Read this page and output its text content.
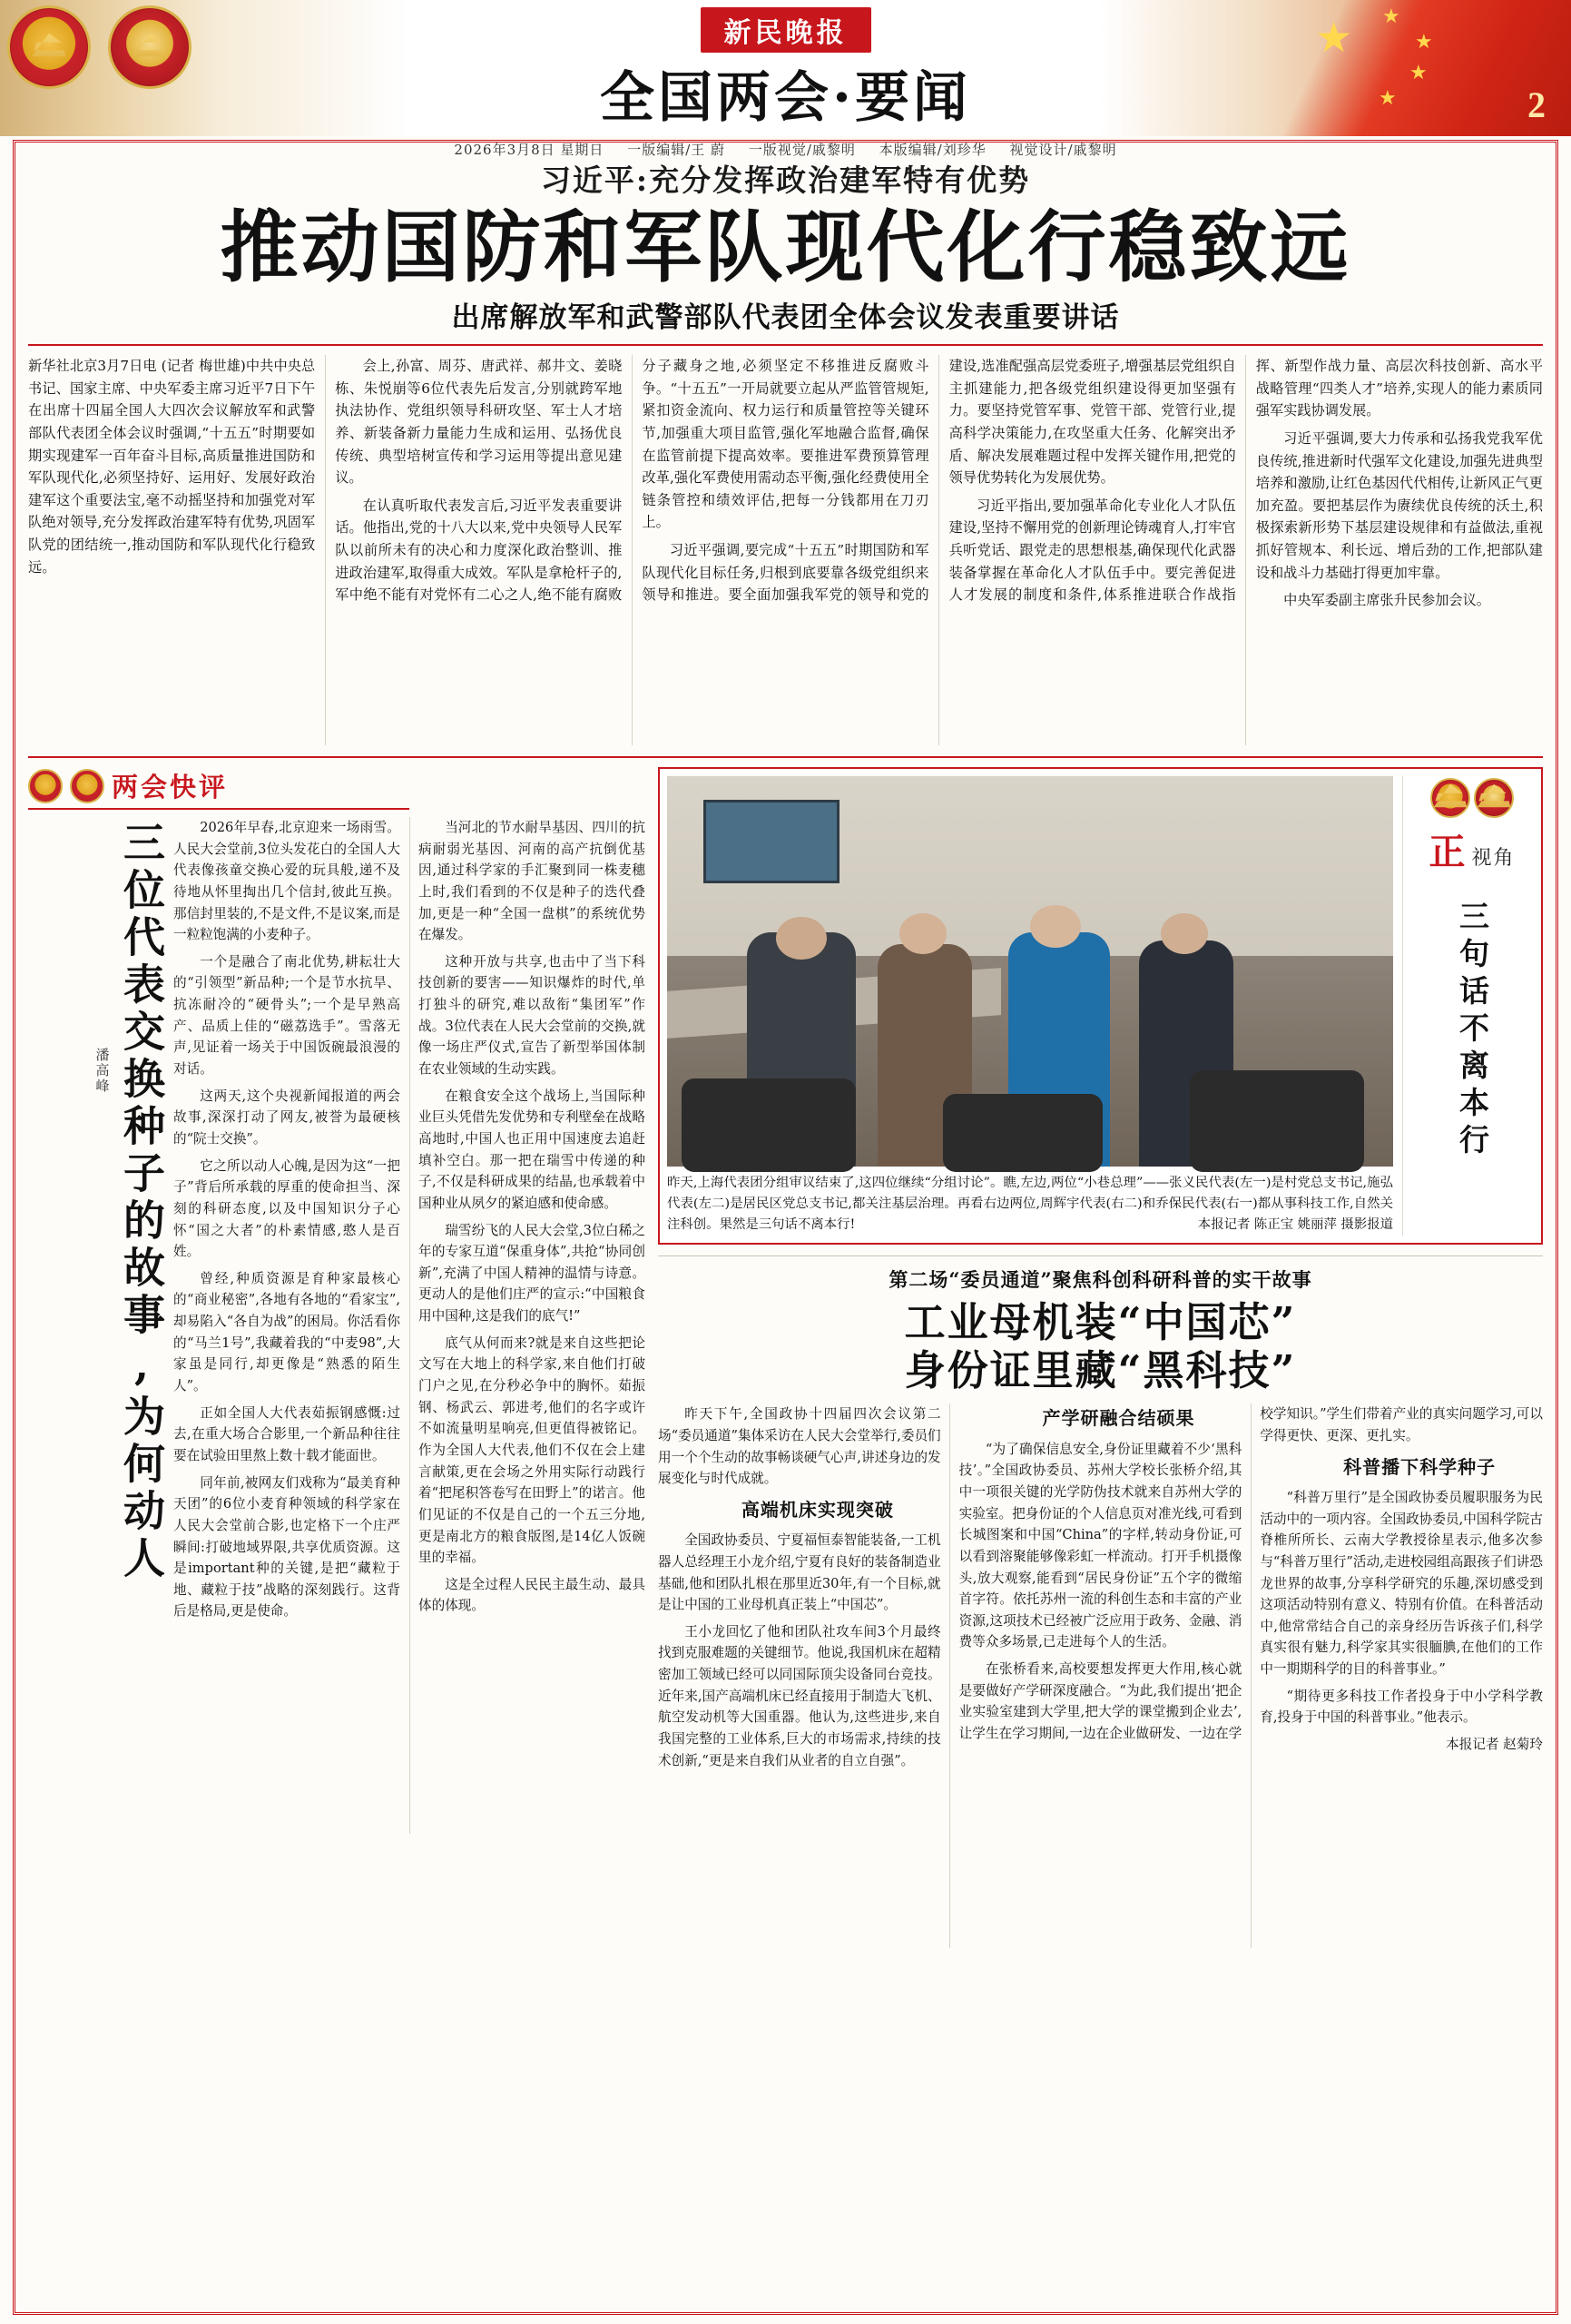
★ ★
★
★
★	2
新民晚报
全国两会·要闻
2026年3月8日 星期日 一版编辑/王 蔚 一版视觉/戚黎明 本版编辑/刘珍华 视觉设计/戚黎明
习近平:充分发挥政治建军特有优势
推动国防和军队现代化行稳致远
出席解放军和武警部队代表团全体会议发表重要讲话

新华社北京3月7日电 (记者 梅世雄)中共中央总书记、国家主席、中央军委主席习近平7日下午在出席十四届全国人大四次会议解放军和武警部队代表团全体会议时强调,“十五五”时期要如期实现建军一百年奋斗目标,高质量推进国防和军队现代化,必须坚持好、运用好、发展好政治建军这个重要法宝,毫不动摇坚持和加强党对军队绝对领导,充分发挥政治建军特有优势,巩固军队党的团结统一,推动国防和军队现代化行稳致远。

会上,孙富、周芬、唐武祥、郝井文、姜晓栋、朱悦崩等6位代表先后发言,分别就跨军地执法协作、党组织领导科研攻坚、军士人才培养、新装备新力量能力生成和运用、弘扬优良传统、典型培树宣传和学习运用等提出意见建议。

在认真听取代表发言后,习近平发表重要讲话。他指出,党的十八大以来,党中央领导人民军队以前所未有的决心和力度深化政治整训、推进政治建军,取得重大成效。军队是拿枪杆子的,军中绝不能有对党怀有二心之人,绝不能有腐败分子藏身之地,必须坚定不移推进反腐败斗争。“十五五”一开局就要立起从严监管管规矩,紧扣资金流向、权力运行和质量管控等关键环节,加强重大项目监管,强化军地融合监督,确保在监管前提下提高效率。要推进军费预算管理改革,强化军费使用需动态平衡,强化经费使用全链条管控和绩效评估,把每一分钱都用在刀刃上。

习近平强调,要完成“十五五”时期国防和军队现代化目标任务,归根到底要靠各级党组织来领导和推进。要全面加强我军党的领导和党的建设,选准配强高层党委班子,增强基层党组织自主抓建能力,把各级党组织建设得更加坚强有力。要坚持党管军事、党管干部、党管行业,提高科学决策能力,在攻坚重大任务、化解突出矛盾、解决发展难题过程中发挥关键作用,把党的领导优势转化为发展优势。

习近平指出,要加强革命化专业化人才队伍建设,坚持不懈用党的创新理论铸魂育人,打牢官兵听党话、跟党走的思想根基,确保现代化武器装备掌握在革命化人才队伍手中。要完善促进人才发展的制度和条件,体系推进联合作战指挥、新型作战力量、高层次科技创新、高水平战略管理“四类人才”培养,实现人的能力素质同强军实践协调发展。

习近平强调,要大力传承和弘扬我党我军优良传统,推进新时代强军文化建设,加强先进典型培养和激励,让红色基因代代相传,让新风正气更加充盈。要把基层作为赓续优良传统的沃土,积极探索新形势下基层建设规律和有益做法,重视抓好管规本、利长远、增后劲的工作,把部队建设和战斗力基础打得更加牢靠。

中央军委副主席张升民参加会议。

两会快评
三位代表交换种子的故事,为何动人
潘高峰

2026年早春,北京迎来一场雨雪。人民大会堂前,3位头发花白的全国人大代表像孩童交换心爱的玩具般,递不及待地从怀里掏出几个信封,彼此互换。那信封里装的,不是文件,不是议案,而是一粒粒饱满的小麦种子。

一个是融合了南北优势,耕耘壮大的“引领型”新品种;一个是节水抗旱、抗冻耐冷的“硬骨头”;一个是早熟高产、品质上佳的“磁荔选手”。雪落无声,见证着一场关于中国饭碗最浪漫的对话。

这两天,这个央视新闻报道的两会故事,深深打动了网友,被誉为最硬核的“院士交换”。

它之所以动人心魄,是因为这“一把子”背后所承载的厚重的使命担当、深刻的科研态度,以及中国知识分子心怀“国之大者”的朴素情感,憨人是百姓。

曾经,种质资源是育种家最核心的“商业秘密”,各地有各地的“看家宝”,却易陷入“各自为战”的困局。你活看你的“马兰1号”,我藏着我的“中麦98”,大家虽是同行,却更像是“熟悉的陌生人”。

正如全国人大代表茹振钢感慨:过去,在重大场合合影里,一个新品种往往要在试验田里熬上数十载才能面世。

同年前,被网友们戏称为“最美育种天团”的6位小麦育种领域的科学家在人民大会堂前合影,也定格下一个庄严瞬间:打破地域界限,共享优质资源。这是important种的关键,是把“藏粒于地、藏粒于技”战略的深刻践行。这背后是格局,更是使命。

当河北的节水耐旱基因、四川的抗病耐弱光基因、河南的高产抗倒优基因,通过科学家的手汇聚到同一株麦穗上时,我们看到的不仅是种子的迭代叠加,更是一种“全国一盘棋”的系统优势在爆发。

这种开放与共享,也击中了当下科技创新的要害——知识爆炸的时代,单打独斗的研究,难以敌衔“集团军”作战。3位代表在人民大会堂前的交换,就像一场庄严仪式,宣告了新型举国体制在农业领域的生动实践。

在粮食安全这个战场上,当国际种业巨头凭借先发优势和专利壁垒在战略高地时,中国人也正用中国速度去追赶填补空白。那一把在瑞雪中传递的种子,不仅是科研成果的结晶,也承载着中国种业从夙夕的紧迫感和使命感。

瑞雪纷飞的人民大会堂,3位白稀之年的专家互道“保重身体”,共抢“协同创新”,充满了中国人精神的温情与诗意。更动人的是他们庄严的宣示:“中国粮食用中国种,这是我们的底气!”

底气从何而来?就是来自这些把论文写在大地上的科学家,来自他们打破门户之见,在分秒必争中的胸怀。茹振钢、杨武云、郭进考,他们的名字或许不如流量明星响亮,但更值得被铭记。作为全国人大代表,他们不仅在会上建言献策,更在会场之外用实际行动践行着“把尾积答卷写在田野上”的诺言。他们见证的不仅是自己的一个五三分地,更是南北方的粮食版图,是14亿人饭碗里的幸福。

这是全过程人民民主最生动、最具体的体现。

昨天,上海代表团分组审议结束了,这四位继续“分组讨论”。瞧,左边,两位“小巷总理”——张义民代表(左一)是村党总支书记,施弘代表(左二)是居民区党总支书记,都关注基层治理。再看右边两位,周辉宇代表(右二)和乔保民代表(右一)都从事科技工作,自然关注科创。果然是三句话不离本行!	本报记者 陈正宝 姚丽萍 摄影报道
正 视角
三句话不离本行
第二场“委员通道”聚焦科创科研科普的实干故事
工业母机装“中国芯”
身份证里藏“黑科技”

昨天下午,全国政协十四届四次会议第二场“委员通道”集体采访在人民大会堂举行,委员们用一个个生动的故事畅谈硬气心声,讲述身边的发展变化与时代成就。

高端机床实现突破

全国政协委员、宁夏福恒泰智能装备,一工机器人总经理王小龙介绍,宁夏有良好的装备制造业基础,他和团队扎根在那里近30年,有一个目标,就是让中国的工业母机真正装上“中国芯”。

王小龙回忆了他和团队社攻车间3个月最终找到克服难题的关键细节。他说,我国机床在超精密加工领域已经可以同国际顶尖设备同台竞技。近年来,国产高端机床已经直接用于制造大飞机、航空发动机等大国重器。他认为,这些进步,来自我国完整的工业体系,巨大的市场需求,持续的技术创新,“更是来自我们从业者的自立自强”。

产学研融合结硕果

“为了确保信息安全,身份证里藏着不少‘黑科技’。”全国政协委员、苏州大学校长张桥介绍,其中一项很关键的光学防伪技术就来自苏州大学的实验室。把身份证的个人信息页对准光线,可看到长城图案和中国“China”的字样,转动身份证,可以看到溶聚能够像彩虹一样流动。打开手机摄像头,放大观察,能看到“居民身份证”五个字的微缩首字符。依托苏州一流的科创生态和丰富的产业资源,这项技术已经被广泛应用于政务、金融、消费等众多场景,已走进每个人的生活。

在张桥看来,高校要想发挥更大作用,核心就是要做好产学研深度融合。“为此,我们提出‘把企业实验室建到大学里,把大学的课堂搬到企业去’,让学生在学习期间,一边在企业做研发、一边在学校学知识。”学生们带着产业的真实问题学习,可以学得更快、更深、更扎实。

科普播下科学种子

“科普万里行”是全国政协委员履职服务为民活动中的一项内容。全国政协委员,中国科学院古脊椎所所长、云南大学教授徐星表示,他多次参与“科普万里行”活动,走进校园组高跟孩子们讲恐龙世界的故事,分享科学研究的乐趣,深切感受到这项活动特别有意义、特别有价值。在科普活动中,他常常结合自己的亲身经历告诉孩子们,科学真实很有魅力,科学家其实很腼腆,在他们的工作中一期期科学的目的科普事业。”

“期待更多科技工作者投身于中小学科学教育,投身于中国的科普事业。”他表示。

本报记者 赵菊玲
